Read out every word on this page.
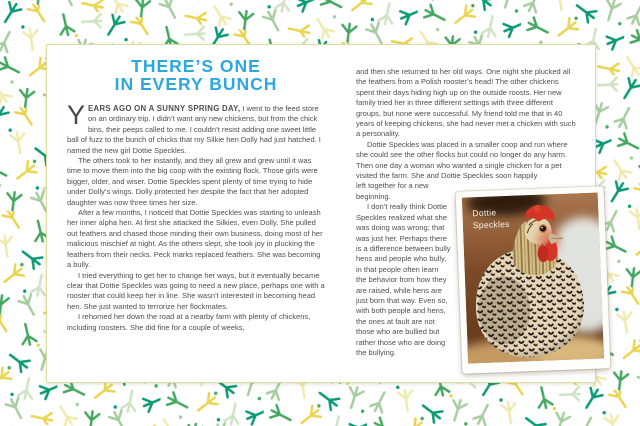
THERE’S ONE
IN EVERY BUNCH
YEARS AGO ON A SUNNY SPRING DAY, I went to the feed store on an ordinary trip. I didn’t want any new chickens, but from the chick bins, their peeps called to me. I couldn’t resist adding one sweet little ball of fuzz to the bunch of chicks that my Silkie hen Dolly had just hatched. I named the new girl Dottie Speckles.
The others took to her instantly, and they all grew and grew until it was time to move them into the big coop with the existing flock. Those girls were bigger, older, and wiser. Dottie Speckles spent plenty of time trying to hide under Dolly’s wings. Dolly protected her despite the fact that her adopted daughter was now three times her size.
After a few months, I noticed that Dottie Speckles was starting to unleash her inner alpha hen. At first she attacked the Silkies, even Dolly. She pulled out feathers and chased those minding their own business, doing most of her malicious mischief at night. As the others slept, she took joy in plucking the feathers from their necks. Peck marks replaced feathers. She was becoming a bully.
I tried everything to get her to change her ways, but it eventually became clear that Dottie Speckles was going to need a new place, perhaps one with a rooster that could keep her in line. She wasn’t interested in becoming head hen. She just wanted to terrorize her flockmates.
I rehomed her down the road at a nearby farm with plenty of chickens, including roosters. She did fine for a couple of weeks,
and then she returned to her old ways. One night she plucked all the feathers from a Polish rooster’s head! The other chickens spent their days hiding high up on the outside roosts. Her new family tried her in three different settings with three different groups, but none were successful. My friend told me that in 40 years of keeping chickens, she had never met a chicken with such a personality.
Dottie Speckles was placed in a smaller coop and run where she could see the other flocks but could no longer do any harm. Then one day a woman who wanted a single chicken for a pet visited the farm. She and Dottie Speckles soon happily
Dottie
Speckles
left together for a new beginning.
I don’t really think Dottie Speckles realized what she was doing was wrong; that was just her. Perhaps there is a difference between bully hens and people who bully, in that people often learn the behavior from how they are raised, while hens are just born that way. Even so, with both people and hens, the ones at fault are not those who are bullied but rather those who are doing the bullying.
